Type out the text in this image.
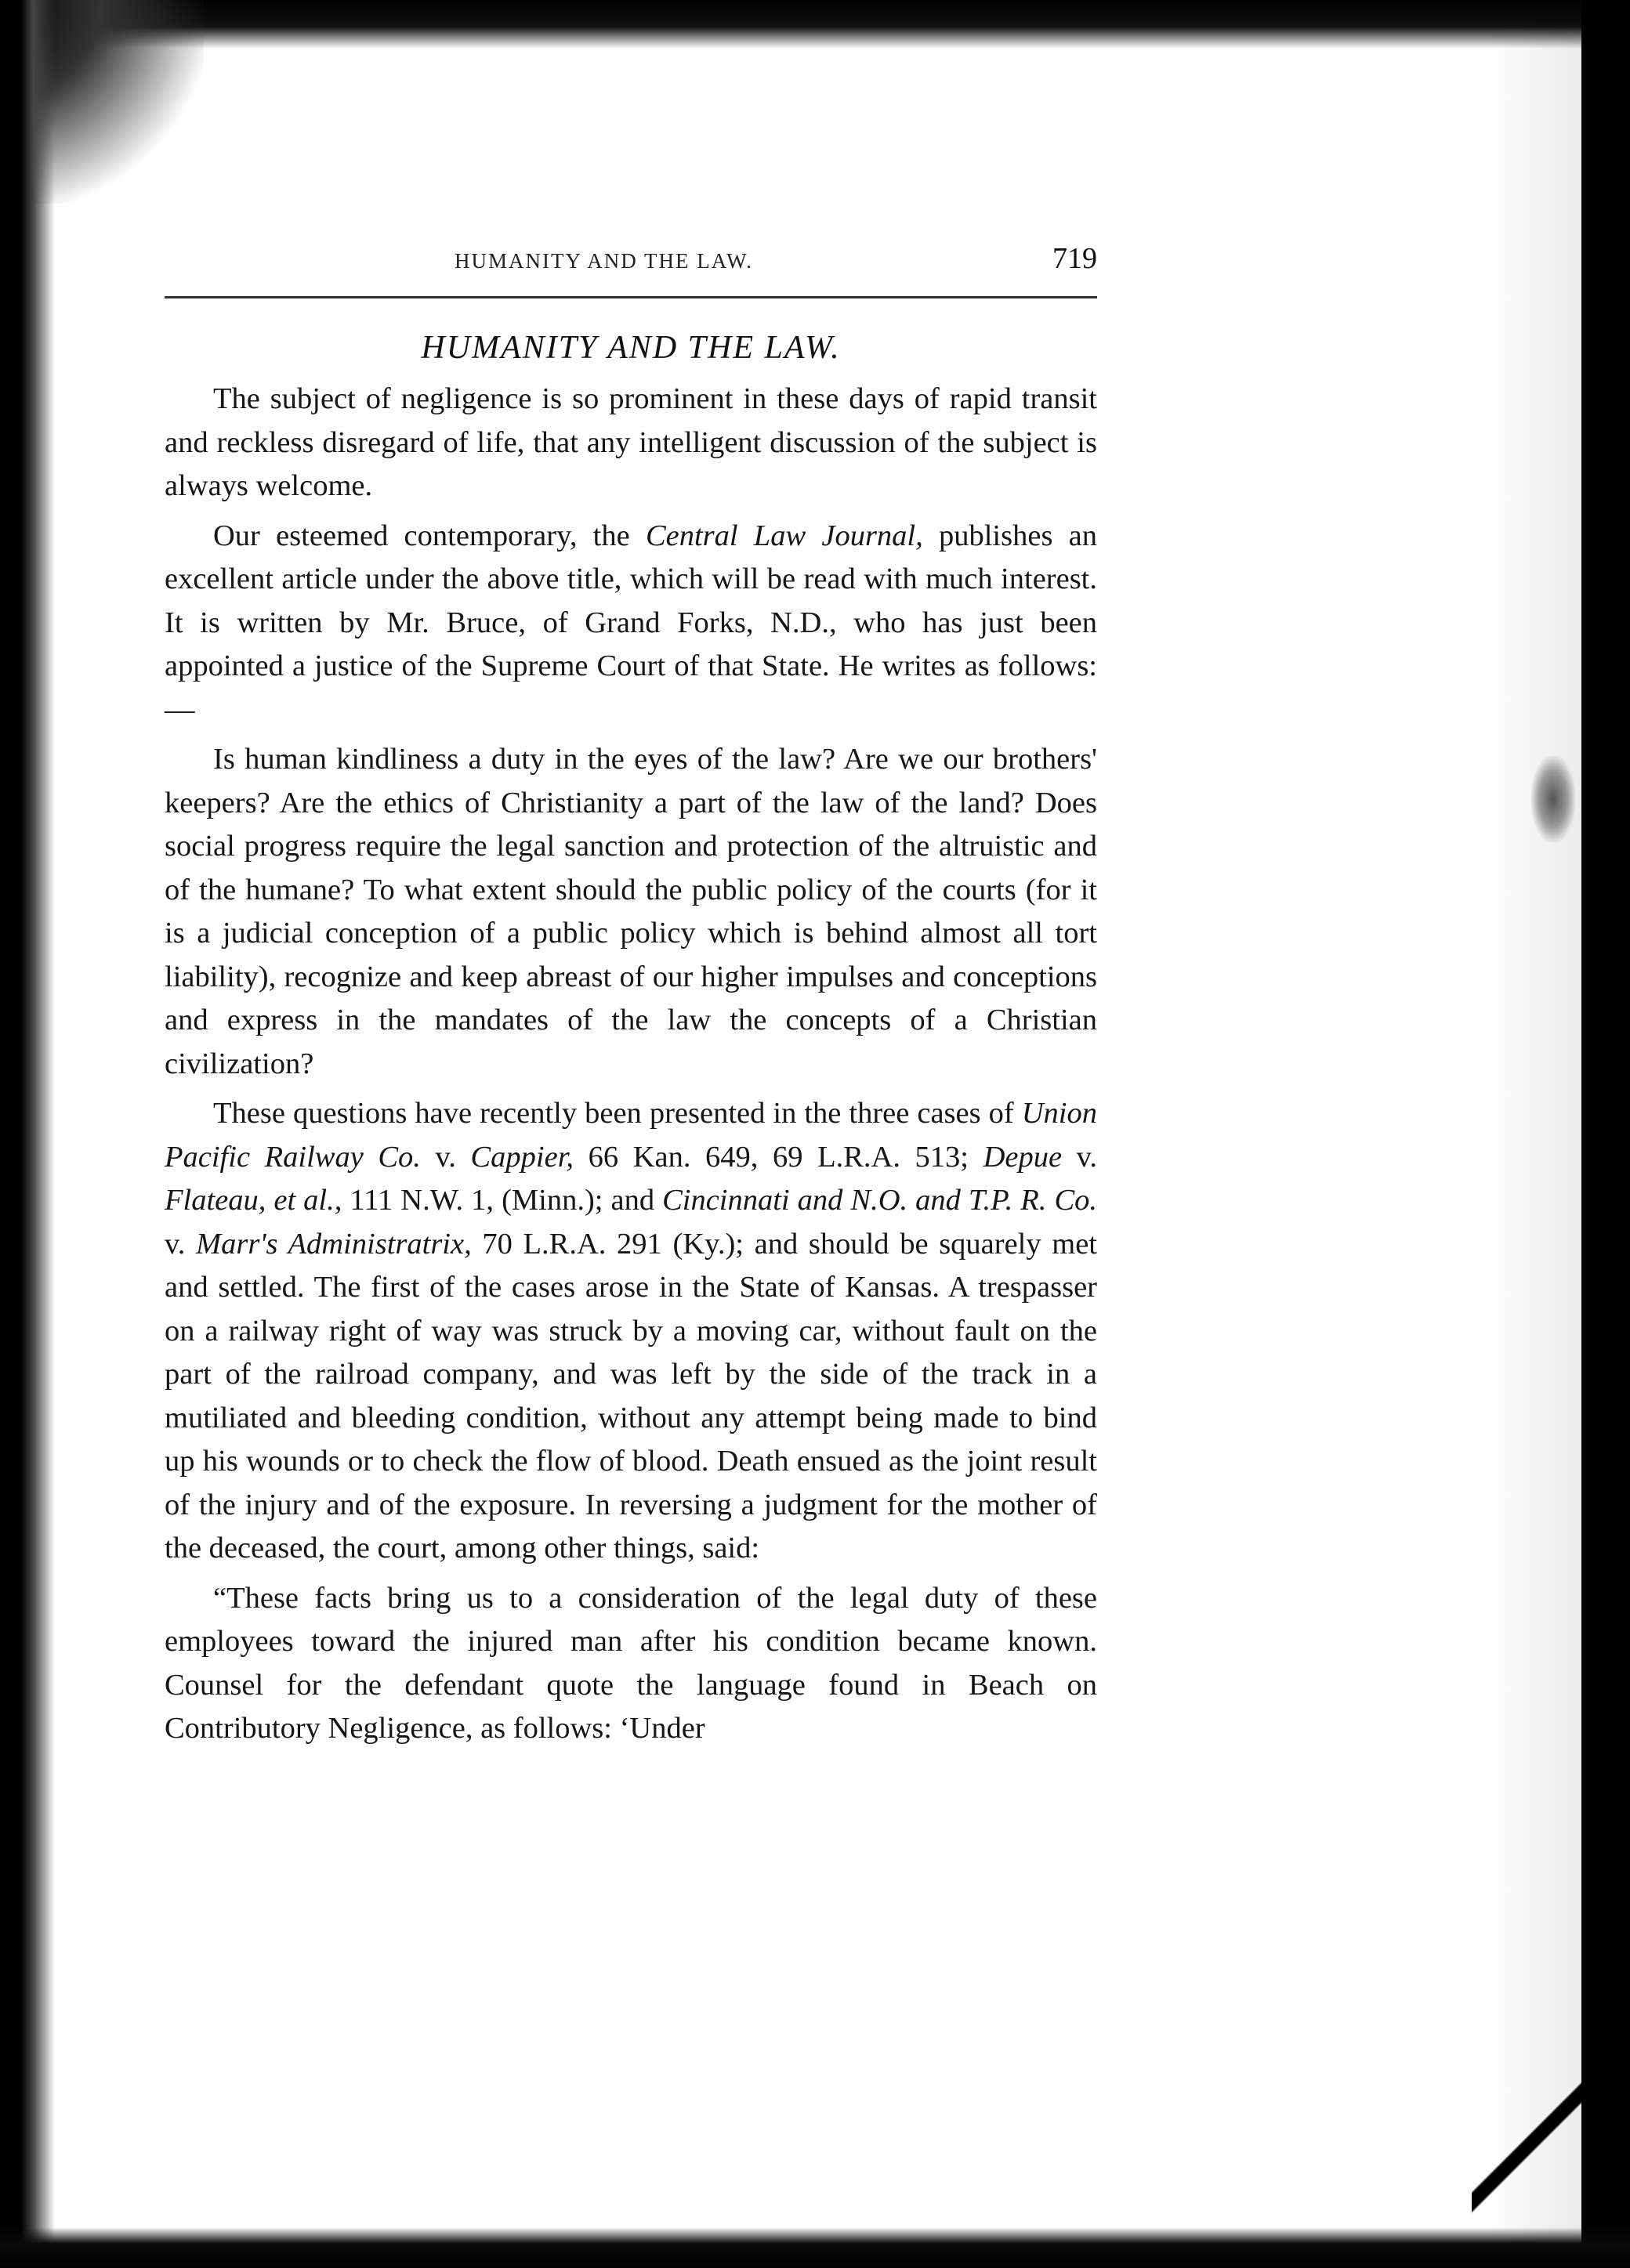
HUMANITY AND THE LAW.	719
HUMANITY AND THE LAW.

The subject of negligence is so prominent in these days of rapid transit and reckless disregard of life, that any intelligent discussion of the subject is always welcome.

Our esteemed contemporary, the Central Law Journal, publishes an excellent article under the above title, which will be read with much interest. It is written by Mr. Bruce, of Grand Forks, N.D., who has just been appointed a justice of the Supreme Court of that State. He writes as follows:—

Is human kindliness a duty in the eyes of the law? Are we our brothers' keepers? Are the ethics of Christianity a part of the law of the land? Does social progress require the legal sanction and protection of the altruistic and of the humane? To what extent should the public policy of the courts (for it is a judicial conception of a public policy which is behind almost all tort liability), recognize and keep abreast of our higher impulses and conceptions and express in the mandates of the law the concepts of a Christian civilization?

These questions have recently been presented in the three cases of Union Pacific Railway Co. v. Cappier, 66 Kan. 649, 69 L.R.A. 513; Depue v. Flateau, et al., 111 N.W. 1, (Minn.); and Cincinnati and N.O. and T.P. R. Co. v. Marr's Administratrix, 70 L.R.A. 291 (Ky.); and should be squarely met and settled. The first of the cases arose in the State of Kansas. A trespasser on a railway right of way was struck by a moving car, without fault on the part of the railroad company, and was left by the side of the track in a mutiliated and bleeding condition, without any attempt being made to bind up his wounds or to check the flow of blood. Death ensued as the joint result of the injury and of the exposure. In reversing a judgment for the mother of the deceased, the court, among other things, said:

“These facts bring us to a consideration of the legal duty of these employees toward the injured man after his condition became known. Counsel for the defendant quote the language found in Beach on Contributory Negligence, as follows: ‘Under
